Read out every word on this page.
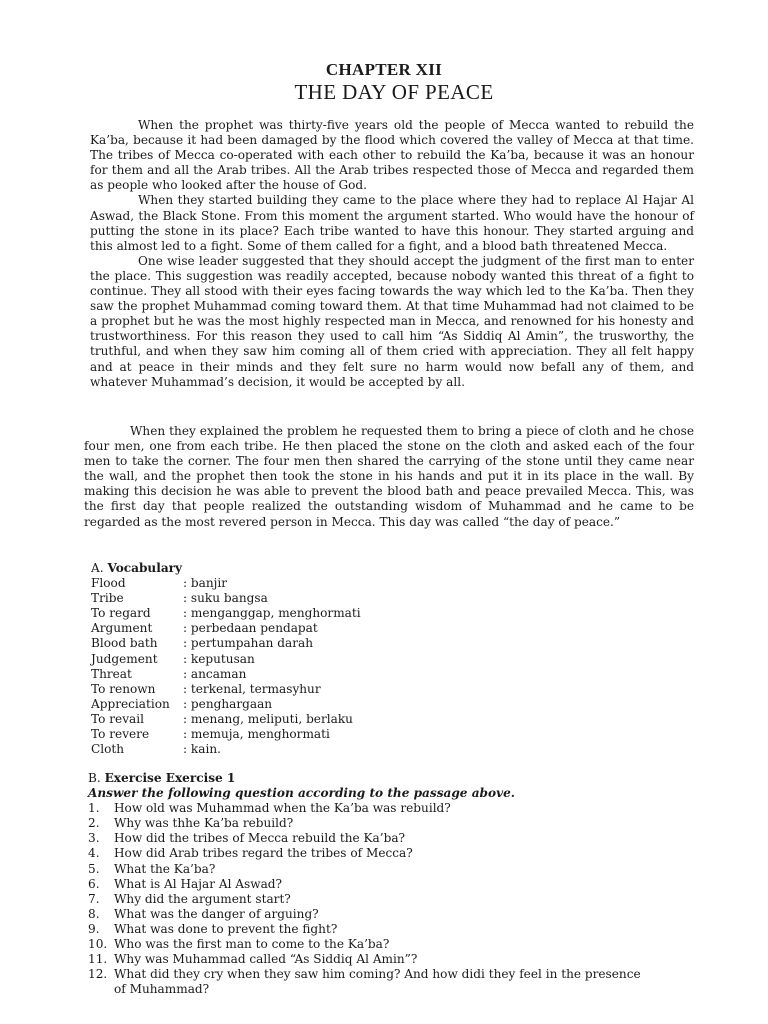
CHAPTER XII
THE DAY OF PEACE

When the prophet was thirty-five years old the people of Mecca wanted to rebuild the Ka’ba, because it had been damaged by the flood which covered the valley of Mecca at that time. The tribes of Mecca co-operated with each other to rebuild the Ka’ba, because it was an honour for them and all the Arab tribes. All the Arab tribes respected those of Mecca and regarded them as people who looked after the house of God.

When they started building they came to the place where they had to replace Al Hajar Al Aswad, the Black Stone. From this moment the argument started. Who would have the honour of putting the stone in its place? Each tribe wanted to have this honour. They started arguing and this almost led to a fight. Some of them called for a fight, and a blood bath threatened Mecca.

One wise leader suggested that they should accept the judgment of the first man to enter the place. This suggestion was readily accepted, because nobody wanted this threat of a fight to continue. They all stood with their eyes facing towards the way which led to the Ka’ba. Then they saw the prophet Muhammad coming toward them. At that time Muhammad had not claimed to be a prophet but he was the most highly respected man in Mecca, and renowned for his honesty and trustworthiness. For this reason they used to call him “As Siddiq Al Amin”, the trusworthy, the truthful, and when they saw him coming all of them cried with appreciation. They all felt happy and at peace in their minds and they felt sure no harm would now befall any of them, and whatever Muhammad’s decision, it would be accepted by all.

When they explained the problem he requested them to bring a piece of cloth and he chose four men, one from each tribe. He then placed the stone on the cloth and asked each of the four men to take the corner. The four men then shared the carrying of the stone until they came near the wall, and the prophet then took the stone in his hands and put it in its place in the wall. By making this decision he was able to prevent the blood bath and peace prevailed Mecca. This, was the first day that people realized the outstanding wisdom of Muhammad and he came to be regarded as the most revered person in Mecca. This day was called “the day of peace.”

A. Vocabulary
Flood	: banjir
Tribe	: suku bangsa
To regard	: menganggap, menghormati
Argument	: perbedaan pendapat
Blood bath	: pertumpahan darah
Judgement	: keputusan
Threat	: ancaman
To renown	: terkenal, termasyhur
Appreciation	: penghargaan
To revail	: menang, meliputi, berlaku
To revere	: memuja, menghormati
Cloth	: kain.
B. Exercise Exercise 1
Answer the following question according to the passage above.
1.	How old was Muhammad when the Ka’ba was rebuild?
2.	Why was thhe Ka’ba rebuild?
3.	How did the tribes of Mecca rebuild the Ka’ba?
4.	How did Arab tribes regard the tribes of Mecca?
5.	What the Ka’ba?
6.	What is Al Hajar Al Aswad?
7.	Why did the argument start?
8.	What was the danger of arguing?
9.	What was done to prevent the fight?
10. Who was the first man to come to the Ka’ba?
11. Why was Muhammad called “As Siddiq Al Amin”?
12. What did they cry when they saw him coming? And how didi they feel in the presence
of Muhammad?
